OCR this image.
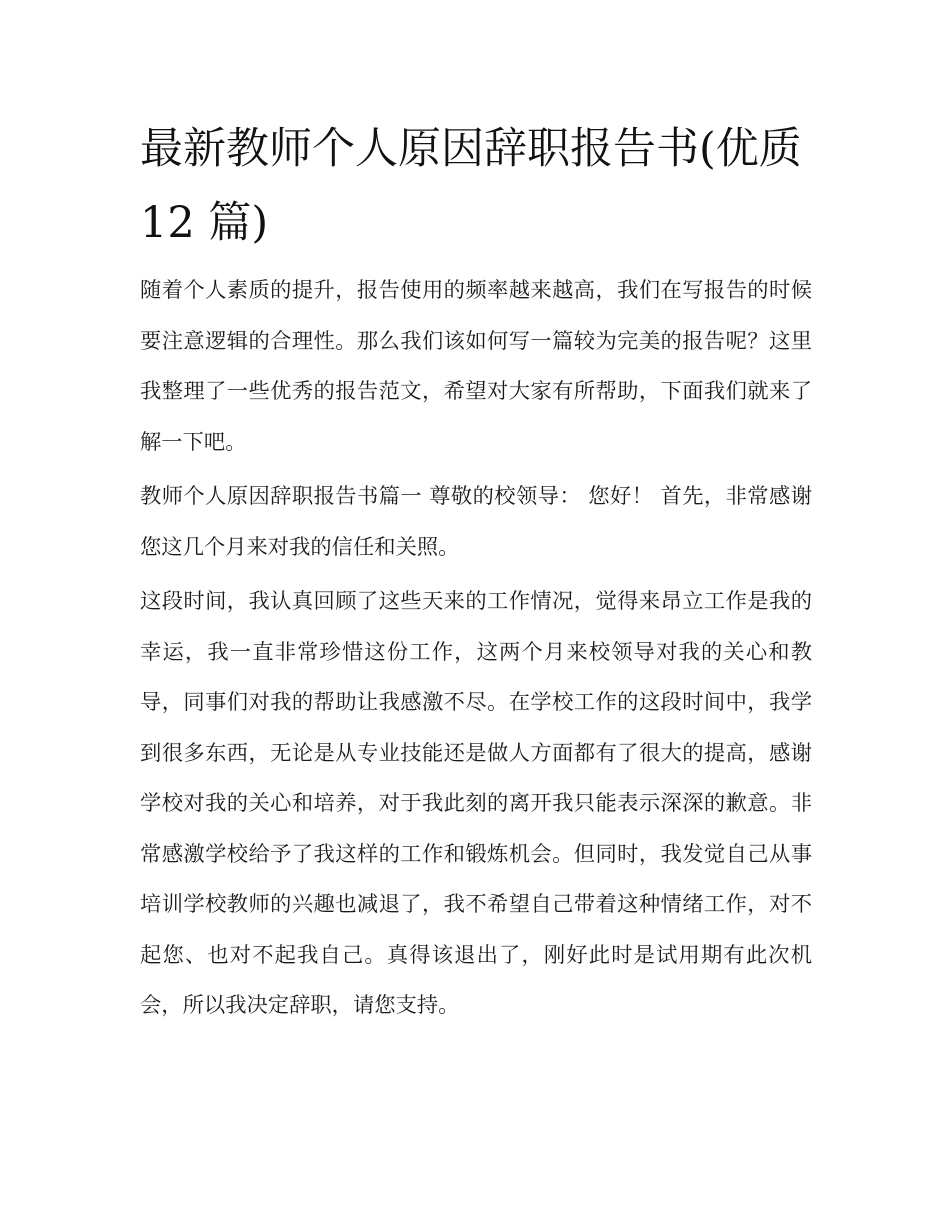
最新教师个人原因辞职报告书(优质 12 篇)

随着个人素质的提升，报告使用的频率越来越高，我们在写报告的时候要注意逻辑的合理性。那么我们该如何写一篇较为完美的报告呢？这里我整理了一些优秀的报告范文，希望对大家有所帮助，下面我们就来了解一下吧。

教师个人原因辞职报告书篇一 尊敬的校领导： 您好！ 首先，非常感谢您这几个月来对我的信任和关照。

这段时间，我认真回顾了这些天来的工作情况，觉得来昂立工作是我的幸运，我一直非常珍惜这份工作，这两个月来校领导对我的关心和教导，同事们对我的帮助让我感激不尽。在学校工作的这段时间中，我学到很多东西，无论是从专业技能还是做人方面都有了很大的提高，感谢学校对我的关心和培养，对于我此刻的离开我只能表示深深的歉意。非常感激学校给予了我这样的工作和锻炼机会。但同时，我发觉自己从事培训学校教师的兴趣也减退了，我不希望自己带着这种情绪工作，对不起您、也对不起我自己。真得该退出了，刚好此时是试用期有此次机会，所以我决定辞职，请您支持。
